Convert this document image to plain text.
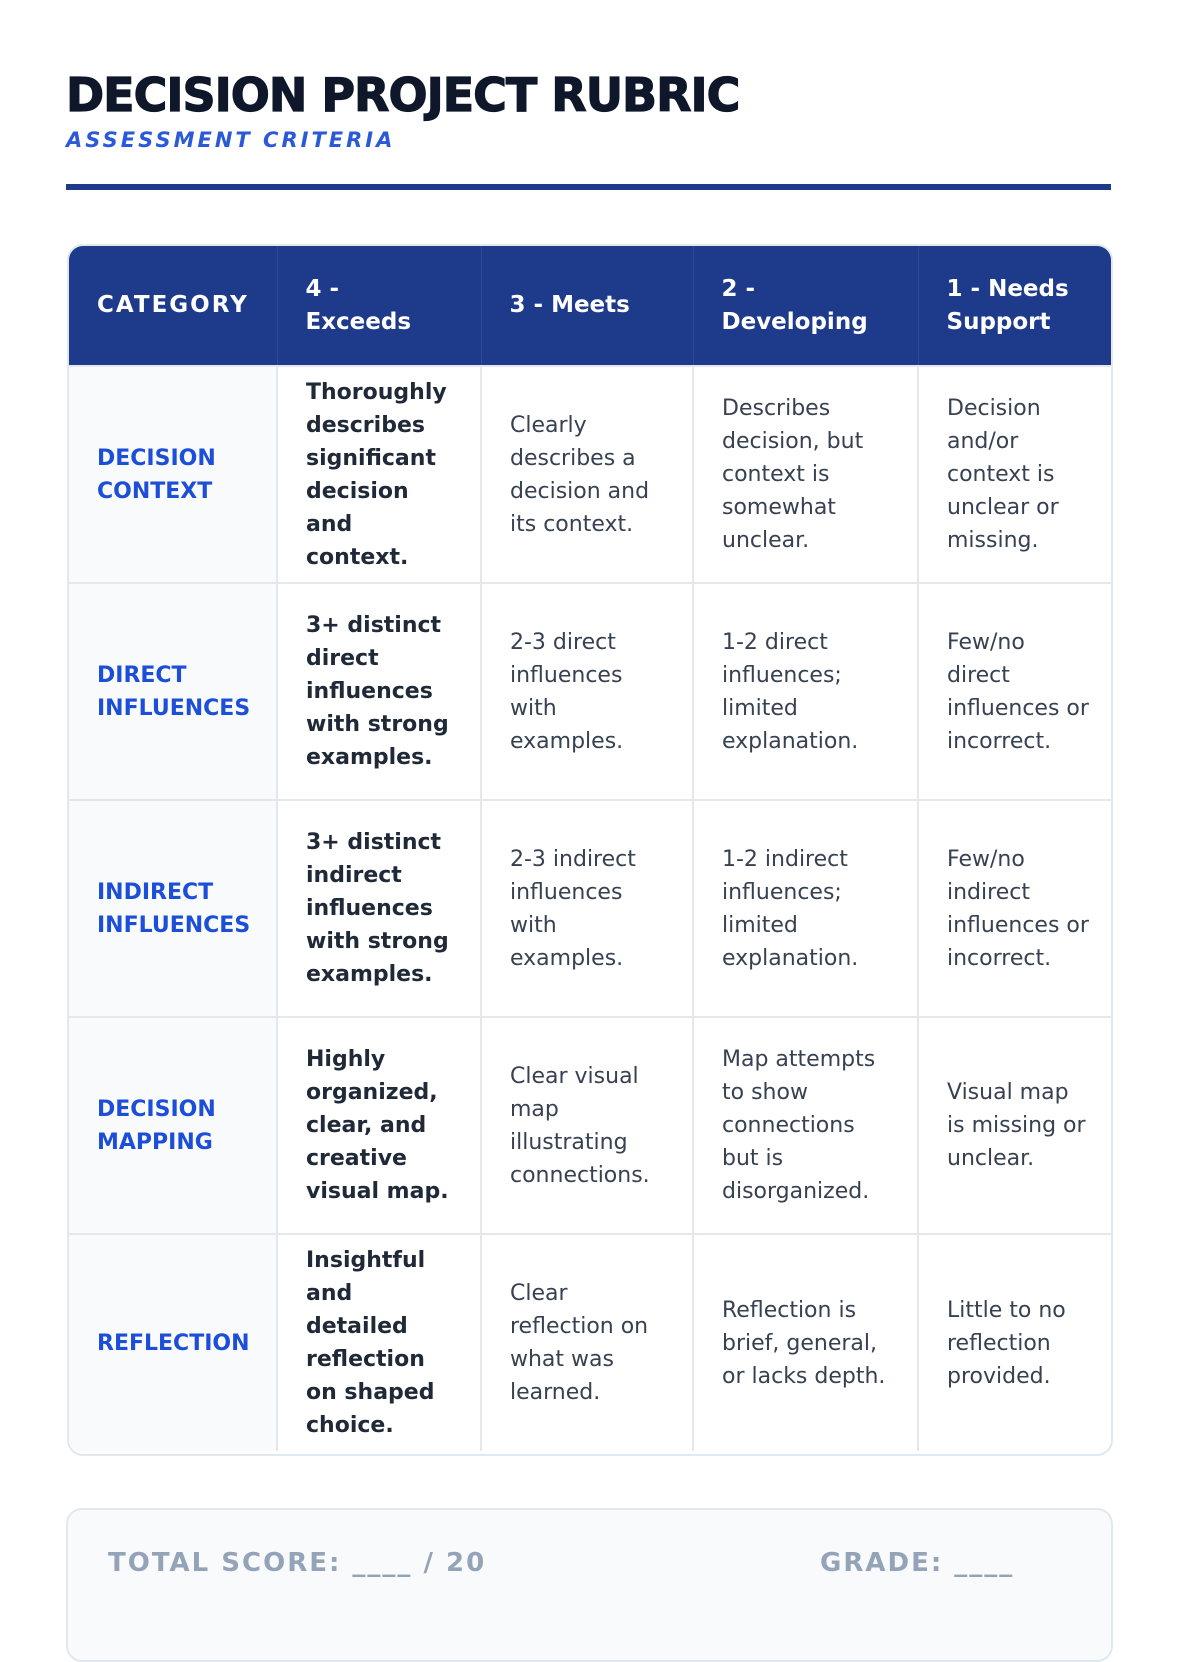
DECISION PROJECT RUBRIC
ASSESSMENT CRITERIA
CATEGORY	4 - Exceeds	3 - Meets	2 - Developing	1 - Needs Support
DECISION CONTEXT	Thoroughly describes significant decision and context.	Clearly describes a decision and its context.	Describes decision, but context is somewhat unclear.	Decision and/or context is unclear or missing.
DIRECT INFLUENCES	3+ distinct direct influences with strong examples.	2-3 direct influences with examples.	1-2 direct influences; limited explanation.	Few/no direct influences or incorrect.
INDIRECT INFLUENCES	3+ distinct indirect influences with strong examples.	2-3 indirect influences with examples.	1-2 indirect influences; limited explanation.	Few/no indirect influences or incorrect.
DECISION MAPPING	Highly organized, clear, and creative visual map.	Clear visual map illustrating connections.	Map attempts to show connections but is disorganized.	Visual map is missing or unclear.
REFLECTION	Insightful and detailed reflection on shaped choice.	Clear reflection on what was learned.	Reflection is brief, general, or lacks depth.	Little to no reflection provided.
TOTAL SCORE: ____ / 20	GRADE: ____
